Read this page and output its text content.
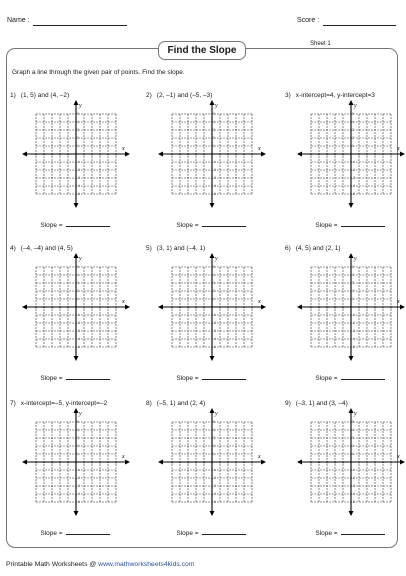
Name :	Score :
Find the Slope
Sheet 1
Graph a line through the given pair of points. Find the slope.
1) (1, 5) and (4, –2)
x
y
-5
-5
-4
-4
-3
-3
-2
-2
-1
-1
1
1
2
2
3
3
4
4
5
5
Slope =
2) (2, –1) and (–5, –3)
x
y
-5
-5
-4
-4
-3
-3
-2
-2
-1
-1
1
1
2
2
3
3
4
4
5
5
Slope =
3) x-intercept=4, y-intercept=3
x
y
-5
-5
-4
-4
-3
-3
-2
-2
-1
-1
1
1
2
2
3
3
4
4
5
5
Slope =
4) (–4, –4) and (4, 5)
x
y
-5
-5
-4
-4
-3
-3
-2
-2
-1
-1
1
1
2
2
3
3
4
4
5
5
Slope =
5) (3, 1) and (–4, 1)
x
y
-5
-5
-4
-4
-3
-3
-2
-2
-1
-1
1
1
2
2
3
3
4
4
5
5
Slope =
6) (4, 5) and (2, 1)
x
y
-5
-5
-4
-4
-3
-3
-2
-2
-1
-1
1
1
2
2
3
3
4
4
5
5
Slope =
7) x-intercept=–5, y-intercept=–2
x
y
-5
-5
-4
-4
-3
-3
-2
-2
-1
-1
1
1
2
2
3
3
4
4
5
5
Slope =
8) (–5, 1) and (2, 4)
x
y
-5
-5
-4
-4
-3
-3
-2
-2
-1
-1
1
1
2
2
3
3
4
4
5
5
Slope =
9) (–3, 1) and (3, –4)
x
y
-5
-5
-4
-4
-3
-3
-2
-2
-1
-1
1
1
2
2
3
3
4
4
5
5
Slope =
Printable Math Worksheets @ www.mathworksheets4kids.com
